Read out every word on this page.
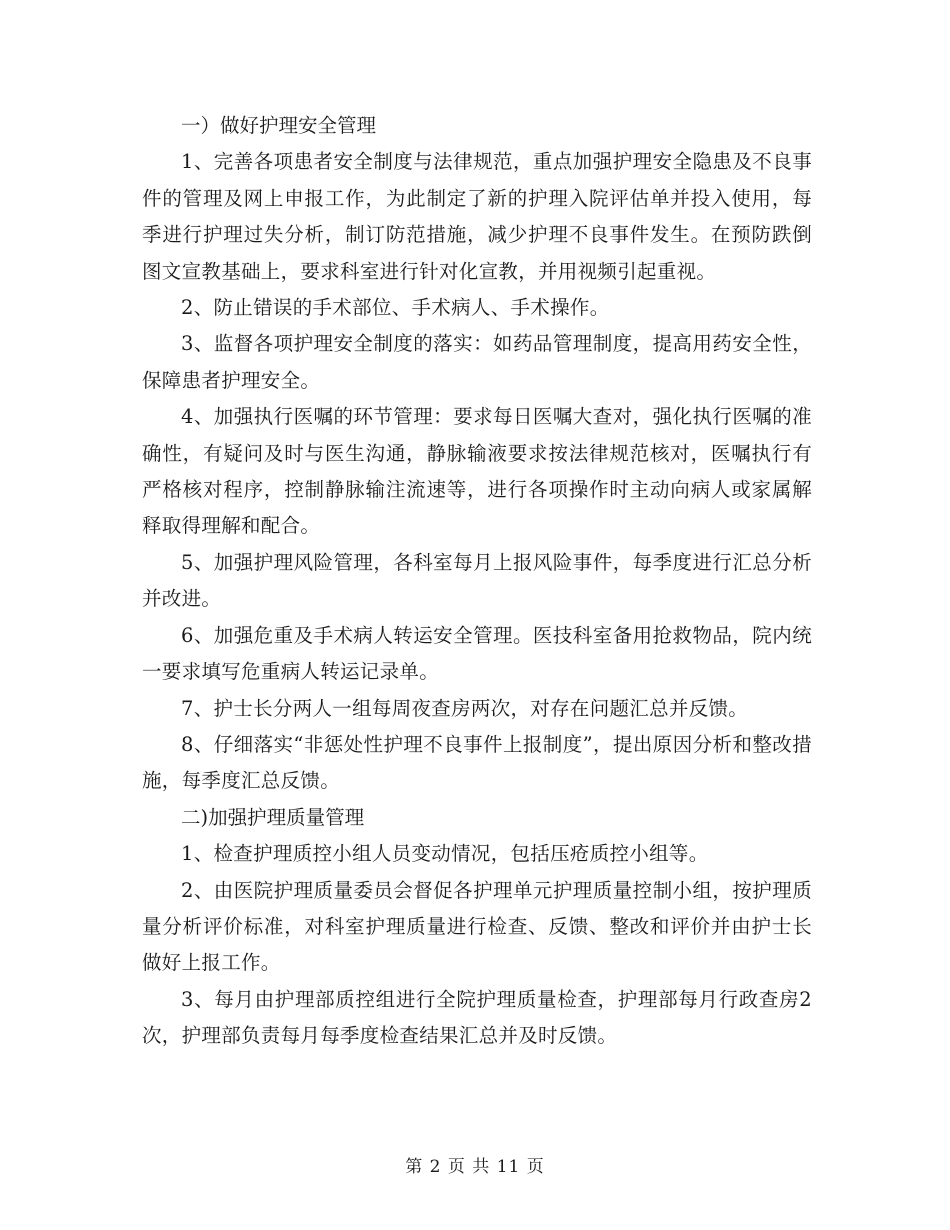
一）做好护理安全管理

1、完善各项患者安全制度与法律规范，重点加强护理安全隐患及不良事件的管理及网上申报工作，为此制定了新的护理入院评估单并投入使用，每季进行护理过失分析，制订防范措施，减少护理不良事件发生。在预防跌倒图文宣教基础上，要求科室进行针对化宣教，并用视频引起重视。

2、防止错误的手术部位、手术病人、手术操作。

3、监督各项护理安全制度的落实：如药品管理制度，提高用药安全性，保障患者护理安全。

4、加强执行医嘱的环节管理：要求每日医嘱大查对，强化执行医嘱的准确性，有疑问及时与医生沟通，静脉输液要求按法律规范核对，医嘱执行有严格核对程序，控制静脉输注流速等，进行各项操作时主动向病人或家属解释取得理解和配合。

5、加强护理风险管理，各科室每月上报风险事件，每季度进行汇总分析并改进。

6、加强危重及手术病人转运安全管理。医技科室备用抢救物品，院内统一要求填写危重病人转运记录单。

7、护士长分两人一组每周夜查房两次，对存在问题汇总并反馈。

8、仔细落实“非惩处性护理不良事件上报制度”，提出原因分析和整改措施，每季度汇总反馈。

二)加强护理质量管理

1、检查护理质控小组人员变动情况，包括压疮质控小组等。

2、由医院护理质量委员会督促各护理单元护理质量控制小组，按护理质量分析评价标准，对科室护理质量进行检查、反馈、整改和评价并由护士长做好上报工作。

3、每月由护理部质控组进行全院护理质量检查，护理部每月行政查房2次，护理部负责每月每季度检查结果汇总并及时反馈。

第 2 页 共 11 页
